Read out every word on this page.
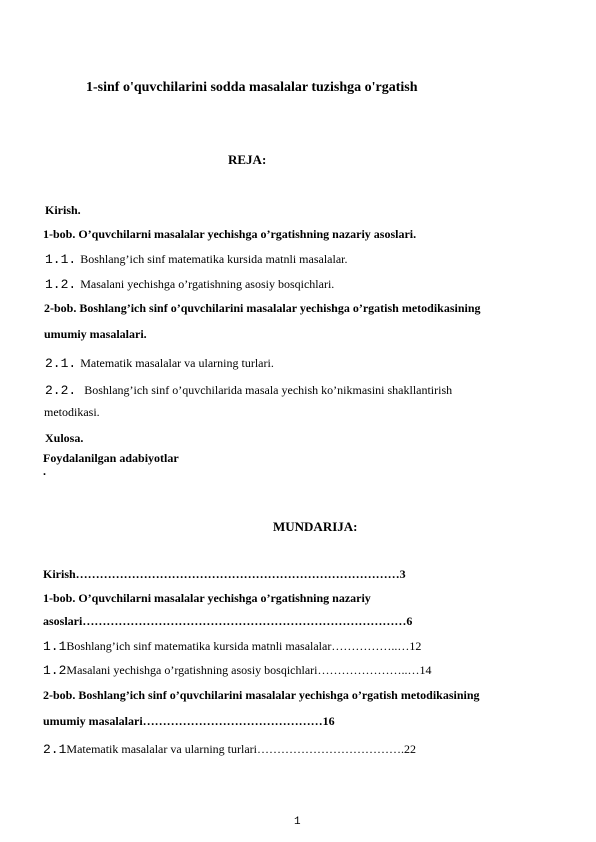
1-sinf o'quvchilarini sodda masalalar tuzishga o'rgatish
REJA:
Kirish.
1-bob. O’quvchilarni masalalar yechishga o’rgatishning nazariy asoslari.
1.1. Boshlang’ich sinf matematika kursida matnli masalalar.
1.2. Masalani yechishga o’rgatishning asosiy bosqichlari.
2-bob. Boshlang’ich sinf o’quvchilarini masalalar yechishga o’rgatish metodikasining
umumiy masalalari.
2.1. Matematik masalalar va ularning turlari.
2.2. Boshlang’ich sinf o’quvchilarida masala yechish ko’nikmasini shakllantirish
metodikasi.
Xulosa.
Foydalanilgan adabiyotlar
.
MUNDARIJA:
Kirish………………………………………………………………………3
1-bob. O’quvchilarni masalalar yechishga o’rgatishning nazariy
asoslari………………………………………………………………………6
1.1Boshlang’ich sinf matematika kursida matnli masalalar……………..…12
1.2Masalani yechishga o’rgatishning asosiy bosqichlari…………………..…14
2-bob. Boshlang’ich sinf o’quvchilarini masalalar yechishga o’rgatish metodikasining
umumiy masalalari………………………………………16
2.1Matematik masalalar va ularning turlari……………………………….22
1
